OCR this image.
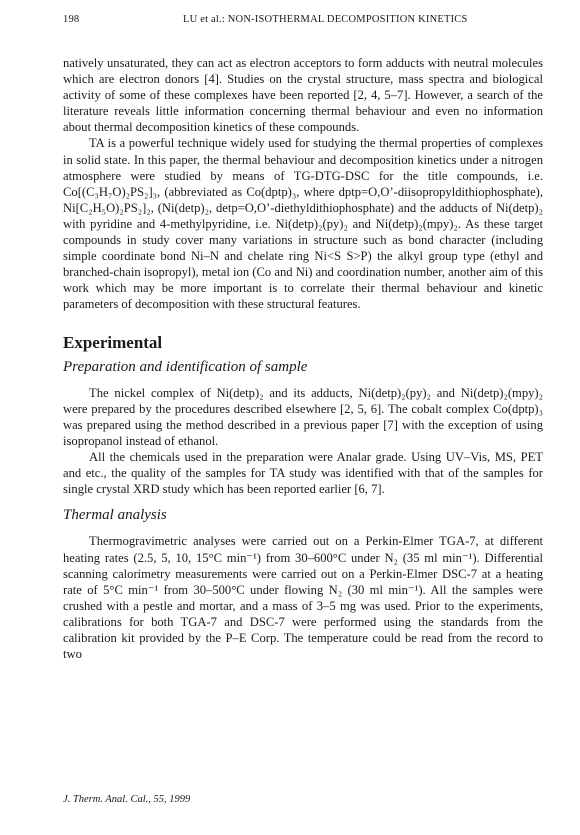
198	LU et al.: NON-ISOTHERMAL DECOMPOSITION KINETICS

natively unsaturated, they can act as electron acceptors to form adducts with neutral molecules which are electron donors [4]. Studies on the crystal structure, mass spectra and biological activity of some of these complexes have been reported [2, 4, 5–7]. However, a search of the literature reveals little information concerning thermal behaviour and even no information about thermal decomposition kinetics of these compounds.

TA is a powerful technique widely used for studying the thermal properties of complexes in solid state. In this paper, the thermal behaviour and decomposition kinetics under a nitrogen atmosphere were studied by means of TG-DTG-DSC for the title compounds, i.e. Co[(C₃H₇O)₂PS₂]₃, (abbreviated as Co(dptp)₃, where dptp=O,O’-diisopropyldithiophosphate), Ni[C₂H₅O)₂PS₂]₂, (Ni(detp)₂, detp=O,O’-diethyldithiophosphate) and the adducts of Ni(detp)₂ with pyridine and 4-methylpyridine, i.e. Ni(detp)₂(py)₂ and Ni(detp)₂(mpy)₂. As these target compounds in study cover many variations in structure such as bond character (including simple coordinate bond Ni–N and chelate ring Ni<S S>P) the alkyl group type (ethyl and branched-chain isopropyl), metal ion (Co and Ni) and coordination number, another aim of this work which may be more important is to correlate their thermal behaviour and kinetic parameters of decomposition with these structural features.

Experimental
Preparation and identification of sample

The nickel complex of Ni(detp)₂ and its adducts, Ni(detp)₂(py)₂ and Ni(detp)₂(mpy)₂ were prepared by the procedures described elsewhere [2, 5, 6]. The cobalt complex Co(dptp)₃ was prepared using the method described in a previous paper [7] with the exception of using isopropanol instead of ethanol.

All the chemicals used in the preparation were Analar grade. Using UV–Vis, MS, PET and etc., the quality of the samples for TA study was identified with that of the samples for single crystal XRD study which has been reported earlier [6, 7].

Thermal analysis

Thermogravimetric analyses were carried out on a Perkin-Elmer TGA-7, at different heating rates (2.5, 5, 10, 15°C min⁻¹) from 30–600°C under N₂ (35 ml min⁻¹). Differential scanning calorimetry measurements were carried out on a Perkin-Elmer DSC-7 at a heating rate of 5°C min⁻¹ from 30–500°C under flowing N₂ (30 ml min⁻¹). All the samples were crushed with a pestle and mortar, and a mass of 3–5 mg was used. Prior to the experiments, calibrations for both TGA-7 and DSC-7 were performed using the standards from the calibration kit provided by the P–E Corp. The temperature could be read from the record to two

J. Therm. Anal. Cal., 55, 1999
